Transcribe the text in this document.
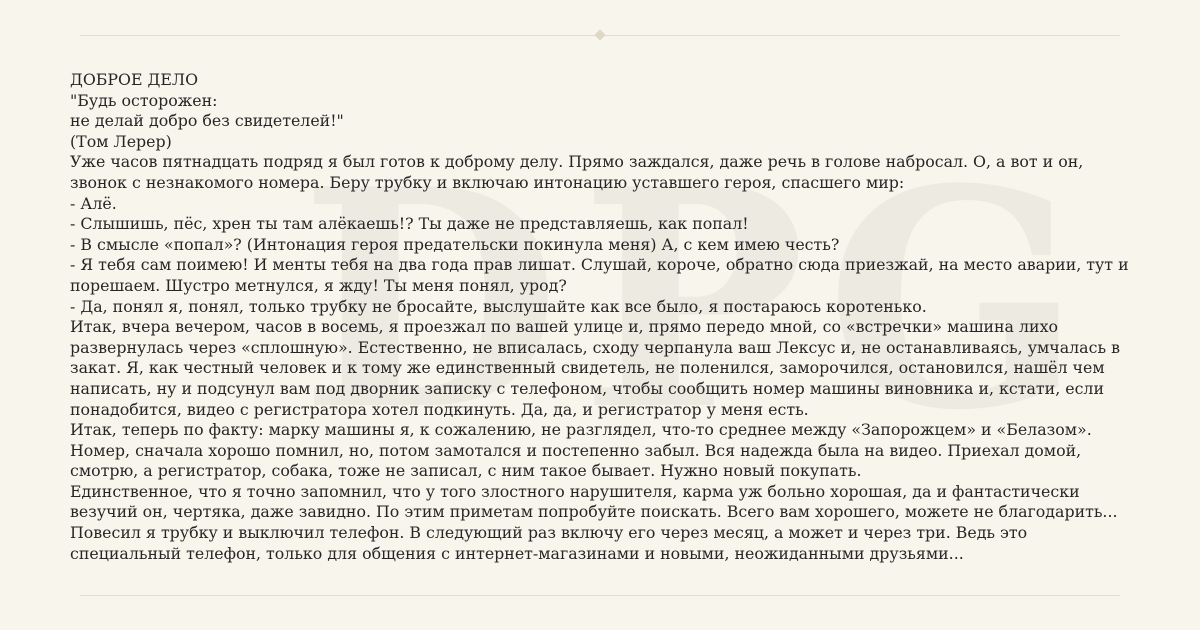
ДОБРОЕ ДЕЛО

"Будь осторожен:

не делай добро без свидетелей!"

(Том Лерер)

Уже часов пятнадцать подряд я был готов к доброму делу. Прямо заждался, даже речь в голове набросал. О, а вот и он, звонок с незнакомого номера. Беру трубку и включаю интонацию уставшего героя, спасшего мир:

- Алё.

- Слышишь, пёс, хрен ты там алёкаешь!? Ты даже не представляешь, как попал!

- В смысле «попал»? (Интонация героя предательски покинула меня) А, с кем имею честь?

- Я тебя сам поимею! И менты тебя на два года прав лишат. Слушай, короче, обратно сюда приезжай, на место аварии, тут и порешаем. Шустро метнулся, я жду! Ты меня понял, урод?

- Да, понял я, понял, только трубку не бросайте, выслушайте как все было, я постараюсь коротенько.

Итак, вчера вечером, часов в восемь, я проезжал по вашей улице и, прямо передо мной, со «встречки» машина лихо развернулась через «сплошную». Естественно, не вписалась, сходу черпанула ваш Лексус и, не останавливаясь, умчалась в закат. Я, как честный человек и к тому же единственный свидетель, не поленился, заморочился, остановился, нашёл чем написать, ну и подсунул вам под дворник записку с телефоном, чтобы сообщить номер машины виновника и, кстати, если понадобится, видео с регистратора хотел подкинуть. Да, да, и регистратор у меня есть.

Итак, теперь по факту: марку машины я, к сожалению, не разглядел, что-то среднее между «Запорожцем» и «Белазом». Номер, сначала хорошо помнил, но, потом замотался и постепенно забыл. Вся надежда была на видео. Приехал домой, смотрю, а регистратор, собака, тоже не записал, с ним такое бывает. Нужно новый покупать.

Единственное, что я точно запомнил, что у того злостного нарушителя, карма уж больно хорошая, да и фантастически везучий он, чертяка, даже завидно. По этим приметам попробуйте поискать. Всего вам хорошего, можете не благодарить...

Повесил я трубку и выключил телефон. В следующий раз включу его через месяц, а может и через три. Ведь это специальный телефон, только для общения с интернет-магазинами и новыми, неожиданными друзьями...
